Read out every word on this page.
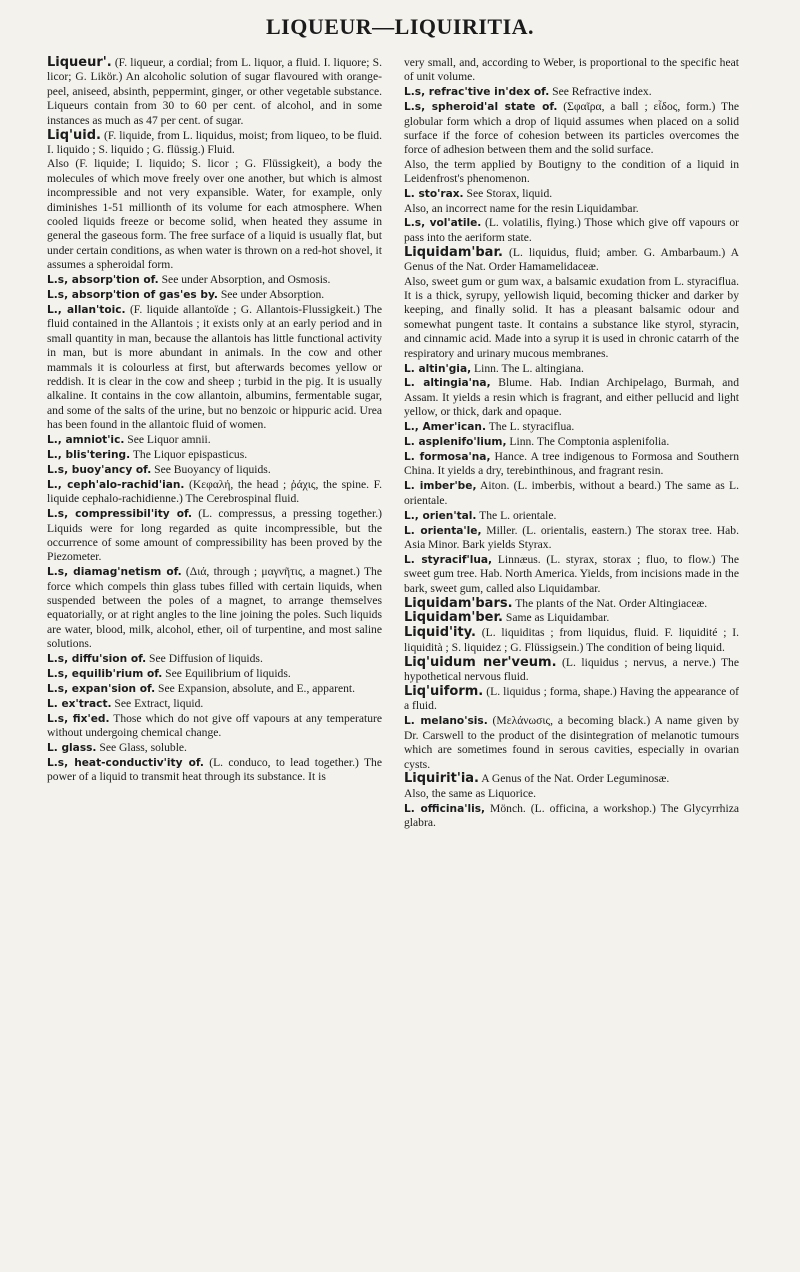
LIQUEUR—LIQUIRITIA.

Liqueur'. (F. liqueur, a cordial; from L. liquor, a fluid. I. liquore; S. licor; G. Likör.) An alcoholic solution of sugar flavoured with orange-peel, aniseed, absinth, peppermint, ginger, or other vegetable substance. Liqueurs contain from 30 to 60 per cent. of alcohol, and in some instances as much as 47 per cent. of sugar.

Liq'uid. (F. liquide, from L. liquidus, moist; from liqueo, to be fluid. I. liquido ; S. liquido ; G. flüssig.) Fluid.
Also (F. liquide; I. liquido; S. licor ; G. Flüssigkeit), a body the molecules of which move freely over one another, but which is almost incompressible and not very expansible. Water, for example, only diminishes 1-51 millionth of its volume for each atmosphere. When cooled liquids freeze or become solid, when heated they assume in general the gaseous form. The free surface of a liquid is usually flat, but under certain conditions, as when water is thrown on a red-hot shovel, it assumes a spheroidal form.

L.s, absorp'tion of. See under Absorption, and Osmosis.

L.s, absorp'tion of gas'es by. See under Absorption.

L., allan'toic. (F. liquide allantoïde ; G. Allantois-Flussigkeit.) The fluid contained in the Allantois ; it exists only at an early period and in small quantity in man, because the allantois has little functional activity in man, but is more abundant in animals. In the cow and other mammals it is colourless at first, but afterwards becomes yellow or reddish. It is clear in the cow and sheep ; turbid in the pig. It is usually alkaline. It contains in the cow allantoin, albumins, fermentable sugar, and some of the salts of the urine, but no benzoic or hippuric acid. Urea has been found in the allantoic fluid of women.

L., amniot'ic. See Liquor amnii.

L., blis'tering. The Liquor epispasticus.

L.s, buoy'ancy of. See Buoyancy of liquids.

L., ceph'alo-rachid'ian. (Κεφαλή, the head ; ῥάχις, the spine. F. liquide cephalo-rachidienne.) The Cerebrospinal fluid.

L.s, compressibil'ity of. (L. compressus, a pressing together.) Liquids were for long regarded as quite incompressible, but the occurrence of some amount of compressibility has been proved by the Piezometer.

L.s, diamag'netism of. (Διά, through ; μαγνῆτις, a magnet.) The force which compels thin glass tubes filled with certain liquids, when suspended between the poles of a magnet, to arrange themselves equatorially, or at right angles to the line joining the poles. Such liquids are water, blood, milk, alcohol, ether, oil of turpentine, and most saline solutions.

L.s, diffu'sion of. See Diffusion of liquids.

L.s, equilib'rium of. See Equilibrium of liquids.

L.s, expan'sion of. See Expansion, absolute, and E., apparent.

L. ex'tract. See Extract, liquid.

L.s, fix'ed. Those which do not give off vapours at any temperature without undergoing chemical change.

L. glass. See Glass, soluble.

L.s, heat-conductiv'ity of. (L. conduco, to lead together.) The power of a liquid to transmit heat through its substance. It is

very small, and, according to Weber, is proportional to the specific heat of unit volume.

L.s, refrac'tive in'dex of. See Refractive index.

L.s, spheroid'al state of. (Σφαῖρα, a ball ; εἶδος, form.) The globular form which a drop of liquid assumes when placed on a solid surface if the force of cohesion between its particles overcomes the force of adhesion between them and the solid surface.
Also, the term applied by Boutigny to the condition of a liquid in Leidenfrost's phenomenon.

L. sto'rax. See Storax, liquid.
Also, an incorrect name for the resin Liquidambar.

L.s, vol'atile. (L. volatilis, flying.) Those which give off vapours or pass into the aeriform state.

Liquidam'bar. (L. liquidus, fluid; amber. G. Ambarbaum.) A Genus of the Nat. Order Hamamelidaceæ.
Also, sweet gum or gum wax, a balsamic exudation from L. styraciflua. It is a thick, syrupy, yellowish liquid, becoming thicker and darker by keeping, and finally solid. It has a pleasant balsamic odour and somewhat pungent taste. It contains a substance like styrol, styracin, and cinnamic acid. Made into a syrup it is used in chronic catarrh of the respiratory and urinary mucous membranes.

L. altin'gia, Linn. The L. altingiana.

L. altingia'na, Blume. Hab. Indian Archipelago, Burmah, and Assam. It yields a resin which is fragrant, and either pellucid and light yellow, or thick, dark and opaque.

L., Amer'ican. The L. styraciflua.

L. asplenifo'lium, Linn. The Comptonia asplenifolia.

L. formosa'na, Hance. A tree indigenous to Formosa and Southern China. It yields a dry, terebinthinous, and fragrant resin.

L. imber'be, Aiton. (L. imberbis, without a beard.) The same as L. orientale.

L., orien'tal. The L. orientale.

L. orienta'le, Miller. (L. orientalis, eastern.) The storax tree. Hab. Asia Minor. Bark yields Styrax.

L. styracif'lua, Linnæus. (L. styrax, storax ; fluo, to flow.) The sweet gum tree. Hab. North America. Yields, from incisions made in the bark, sweet gum, called also Liquidambar.

Liquidam'bars. The plants of the Nat. Order Altingiaceæ.

Liquidam'ber. Same as Liquidambar.

Liquid'ity. (L. liquiditas ; from liquidus, fluid. F. liquidité ; I. liquidità ; S. liquidez ; G. Flüssigsein.) The condition of being liquid.

Liq'uidum ner'veum. (L. liquidus ; nervus, a nerve.) The hypothetical nervous fluid.

Liq'uiform. (L. liquidus ; forma, shape.) Having the appearance of a fluid.

L. melano'sis. (Μελάνωσις, a becoming black.) A name given by Dr. Carswell to the product of the disintegration of melanotic tumours which are sometimes found in serous cavities, especially in ovarian cysts.

Liquirit'ia. A Genus of the Nat. Order Leguminosæ.
Also, the same as Liquorice.

L. officina'lis, Mönch. (L. officina, a workshop.) The Glycyrrhiza glabra.
